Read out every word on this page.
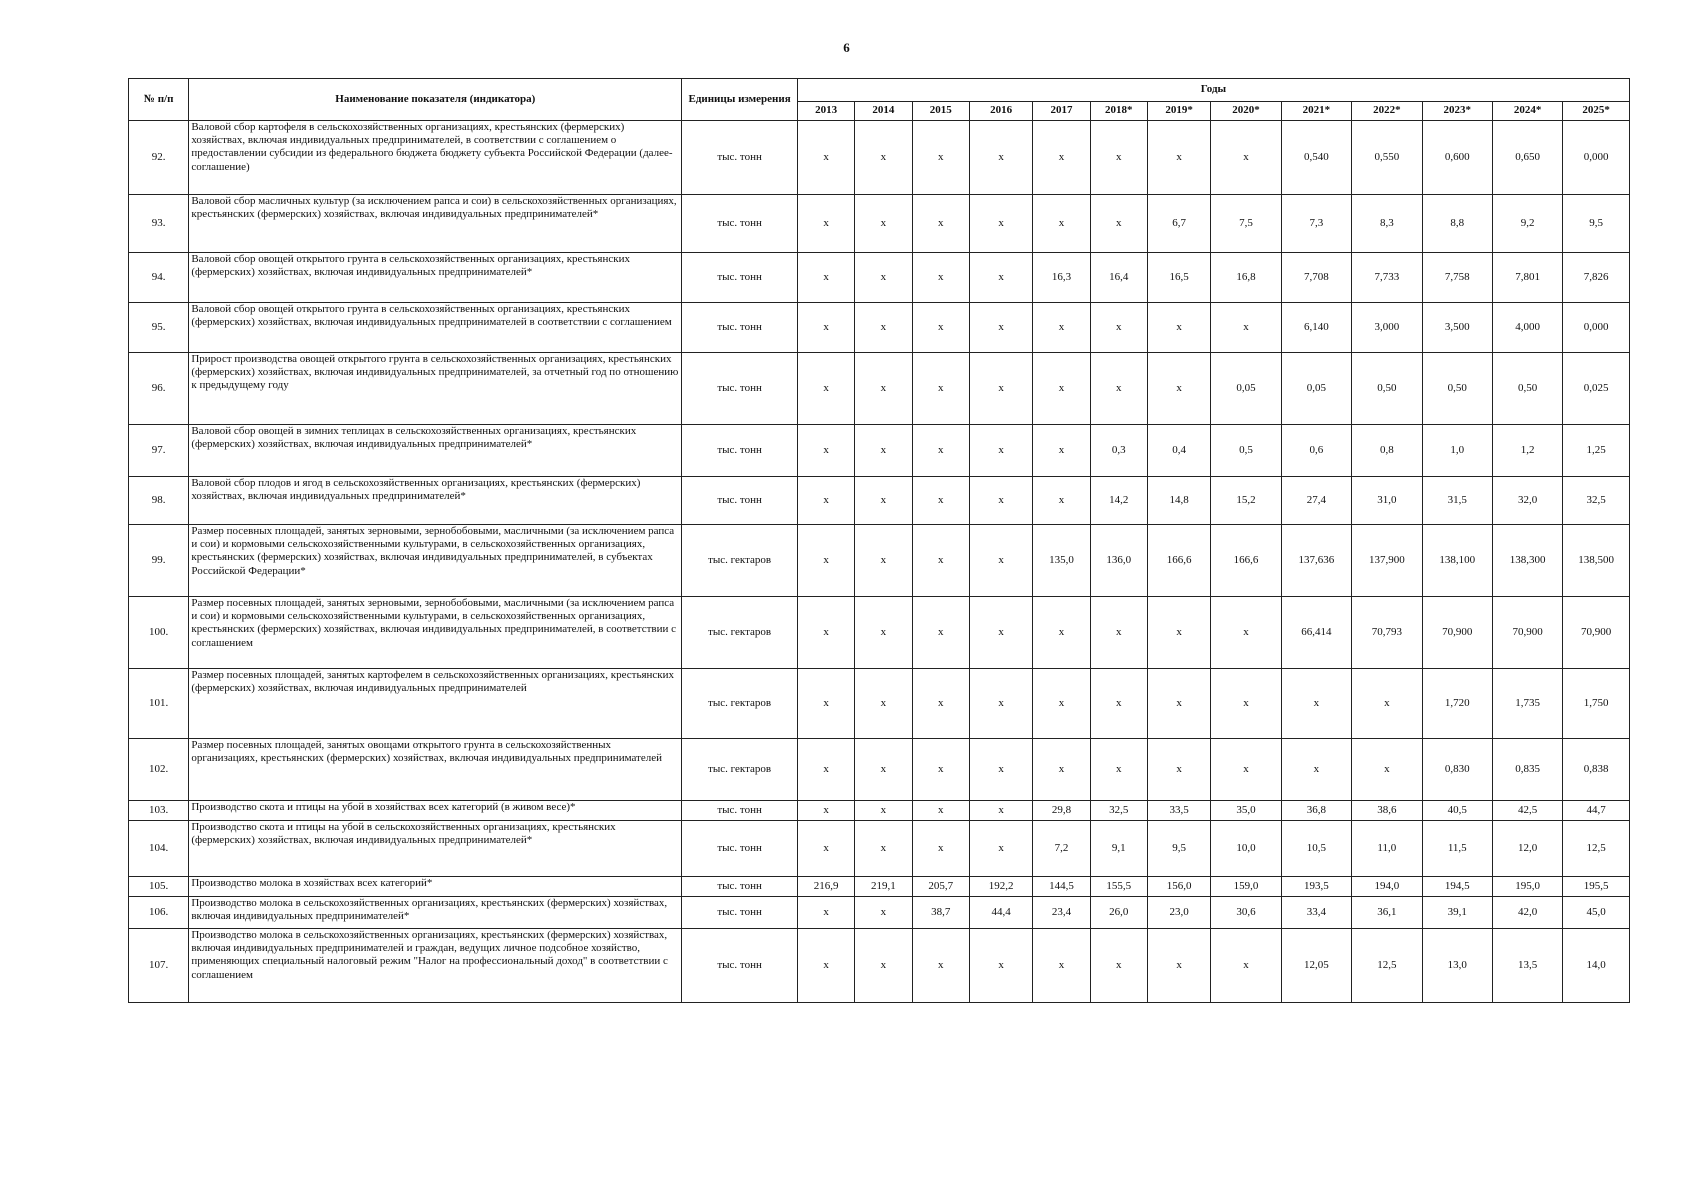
6
№ п/п	Наименование показателя (индикатора)	Единицы измерения	Годы												
			2013	2014	2015	2016	2017	2018*	2019*	2020*	2021*	2022*	2023*	2024*	2025*
92.	Валовой сбор картофеля в сельскохозяйственных организациях, крестьянских (фермерских) хозяйствах, включая индивидуальных предпринимателей, в соответствии с соглашением о предоставлении субсидии из федерального бюджета бюджету субъекта Российской Федерации (далее-соглашение)	тыс. тонн	х	х	х	х	х	х	х	х	0,540	0,550	0,600	0,650	0,000
93.	Валовой сбор масличных культур (за исключением рапса и сои) в сельскохозяйственных организациях, крестьянских (фермерских) хозяйствах, включая индивидуальных предпринимателей*	тыс. тонн	х	х	х	х	х	х	6,7	7,5	7,3	8,3	8,8	9,2	9,5
94.	Валовой сбор овощей открытого грунта в сельскохозяйственных организациях, крестьянских (фермерских) хозяйствах, включая индивидуальных предпринимателей*	тыс. тонн	х	х	х	х	16,3	16,4	16,5	16,8	7,708	7,733	7,758	7,801	7,826
95.	Валовой сбор овощей открытого грунта в сельскохозяйственных организациях, крестьянских (фермерских) хозяйствах, включая индивидуальных предпринимателей в соответствии с соглашением	тыс. тонн	х	х	х	х	х	х	х	х	6,140	3,000	3,500	4,000	0,000
96.	Прирост производства овощей открытого грунта в сельскохозяйственных организациях, крестьянских (фермерских) хозяйствах, включая индивидуальных предпринимателей, за отчетный год по отношению к предыдущему году	тыс. тонн	х	х	х	х	х	х	х	0,05	0,05	0,50	0,50	0,50	0,025
97.	Валовой сбор овощей в зимних теплицах в сельскохозяйственных организациях, крестьянских (фермерских) хозяйствах, включая индивидуальных предпринимателей*	тыс. тонн	х	х	х	х	х	0,3	0,4	0,5	0,6	0,8	1,0	1,2	1,25
98.	Валовой сбор плодов и ягод в сельскохозяйственных организациях, крестьянских (фермерских) хозяйствах, включая индивидуальных предпринимателей*	тыс. тонн	х	х	х	х	х	14,2	14,8	15,2	27,4	31,0	31,5	32,0	32,5
99.	Размер посевных площадей, занятых зерновыми, зернобобовыми, масличными (за исключением рапса и сои) и кормовыми сельскохозяйственными культурами, в сельскохозяйственных организациях, крестьянских (фермерских) хозяйствах, включая индивидуальных предпринимателей, в субъектах Российской Федерации*	тыс. гектаров	х	х	х	х	135,0	136,0	166,6	166,6	137,636	137,900	138,100	138,300	138,500
100.	Размер посевных площадей, занятых зерновыми, зернобобовыми, масличными (за исключением рапса и сои) и кормовыми сельскохозяйственными культурами, в сельскохозяйственных организациях, крестьянских (фермерских) хозяйствах, включая индивидуальных предпринимателей, в соответствии с соглашением	тыс. гектаров	х	х	х	х	х	х	х	х	66,414	70,793	70,900	70,900	70,900
101.	Размер посевных площадей, занятых картофелем в сельскохозяйственных организациях, крестьянских (фермерских) хозяйствах, включая индивидуальных предпринимателей	тыс. гектаров	х	х	х	х	х	х	х	х	х	х	1,720	1,735	1,750
102.	Размер посевных площадей, занятых овощами открытого грунта в сельскохозяйственных организациях, крестьянских (фермерских) хозяйствах, включая индивидуальных предпринимателей	тыс. гектаров	х	х	х	х	х	х	х	х	х	х	0,830	0,835	0,838
103.	Производство скота и птицы на убой в хозяйствах всех категорий (в живом весе)*	тыс. тонн	х	х	х	х	29,8	32,5	33,5	35,0	36,8	38,6	40,5	42,5	44,7
104.	Производство скота и птицы на убой в сельскохозяйственных организациях, крестьянских (фермерских) хозяйствах, включая индивидуальных предпринимателей*	тыс. тонн	х	х	х	х	7,2	9,1	9,5	10,0	10,5	11,0	11,5	12,0	12,5
105.	Производство молока в хозяйствах всех категорий*	тыс. тонн	216,9	219,1	205,7	192,2	144,5	155,5	156,0	159,0	193,5	194,0	194,5	195,0	195,5
106.	Производство молока в сельскохозяйственных организациях, крестьянских (фермерских) хозяйствах, включая индивидуальных предпринимателей*	тыс. тонн	х	х	38,7	44,4	23,4	26,0	23,0	30,6	33,4	36,1	39,1	42,0	45,0
107.	Производство молока в сельскохозяйственных организациях, крестьянских (фермерских) хозяйствах, включая индивидуальных предпринимателей и граждан, ведущих личное подсобное хозяйство, применяющих специальный налоговый режим "Налог на профессиональный доход" в соответствии с соглашением	тыс. тонн	х	х	х	х	х	х	х	х	12,05	12,5	13,0	13,5	14,0
